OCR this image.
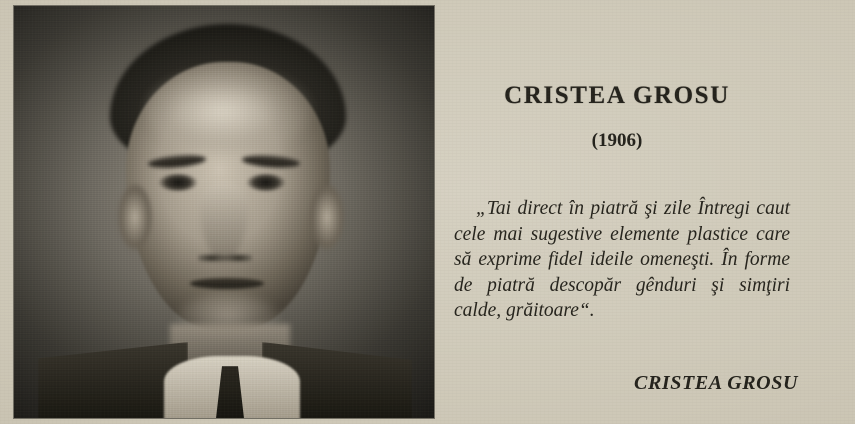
CRISTEA GROSU
(1906)
„Tai direct în piatră şi zile Întregi caut cele mai sugestive elemente plastice care să exprime fidel ideile omeneşti. În forme de piatră descopăr gênduri şi simţiri calde, grăitoare“.
CRISTEA GROSU
